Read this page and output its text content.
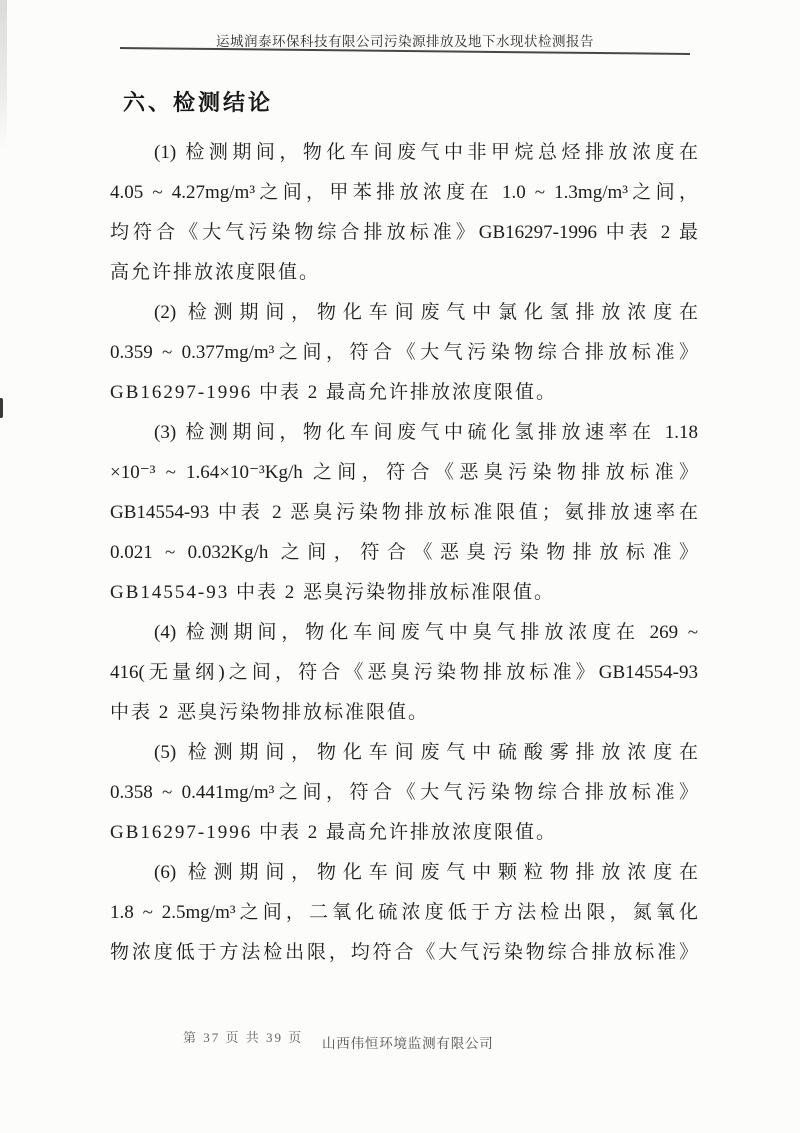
运城润泰环保科技有限公司污染源排放及地下水现状检测报告
六、检测结论
(1) 检测期间，物化车间废气中非甲烷总烃排放浓度在
4.05 ~ 4.27mg/m³之间，甲苯排放浓度在 1.0 ~ 1.3mg/m³之间，
均符合《大气污染物综合排放标准》GB16297-1996 中表 2 最
高允许排放浓度限值。
(2) 检测期间，物化车间废气中氯化氢排放浓度在
0.359 ~ 0.377mg/m³之间，符合《大气污染物综合排放标准》
GB16297-1996 中表 2 最高允许排放浓度限值。
(3) 检测期间，物化车间废气中硫化氢排放速率在 1.18
×10⁻³ ~ 1.64×10⁻³Kg/h 之间，符合《恶臭污染物排放标准》
GB14554-93 中表 2 恶臭污染物排放标准限值；氨排放速率在
0.021 ~ 0.032Kg/h 之间，符合《恶臭污染物排放标准》
GB14554-93 中表 2 恶臭污染物排放标准限值。
(4) 检测期间，物化车间废气中臭气排放浓度在 269 ~
416(无量纲)之间，符合《恶臭污染物排放标准》GB14554-93
中表 2 恶臭污染物排放标准限值。
(5) 检测期间，物化车间废气中硫酸雾排放浓度在
0.358 ~ 0.441mg/m³之间，符合《大气污染物综合排放标准》
GB16297-1996 中表 2 最高允许排放浓度限值。
(6) 检测期间，物化车间废气中颗粒物排放浓度在
1.8 ~ 2.5mg/m³之间，二氧化硫浓度低于方法检出限，氮氧化
物浓度低于方法检出限，均符合《大气污染物综合排放标准》
第 37 页 共 39 页 山西伟恒环境监测有限公司
